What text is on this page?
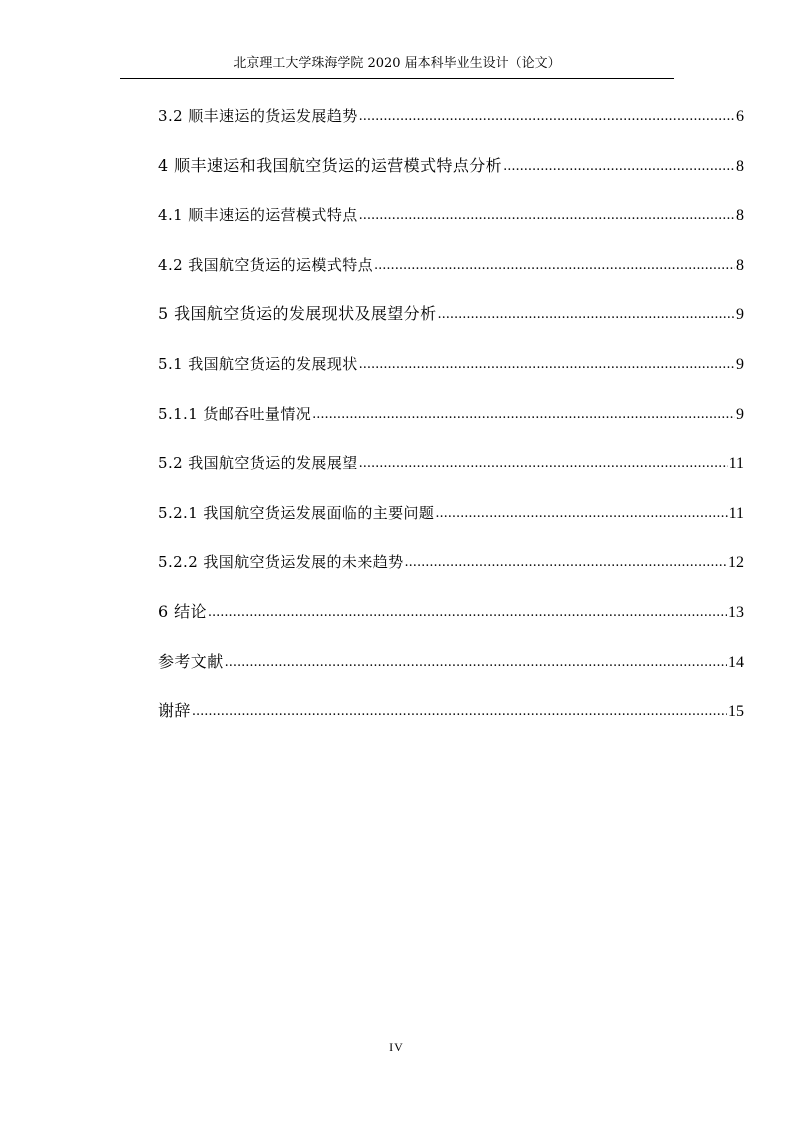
北京理工大学珠海学院 2020 届本科毕业生设计（论文）
3.2 顺丰速运的货运发展趋势 .....	6
4 顺丰速运和我国航空货运的运营模式特点分析 .....	8
4.1 顺丰速运的运营模式特点 .....	8
4.2 我国航空货运的运模式特点 .....	8
5 我国航空货运的发展现状及展望分析 .....	9
5.1 我国航空货运的发展现状 .....	9
5.1.1 货邮吞吐量情况 .....	9
5.2 我国航空货运的发展展望 .....	11
5.2.1 我国航空货运发展面临的主要问题 .....	11
5.2.2 我国航空货运发展的未来趋势 .....	12
6 结论 .....	13
参考文献 .....	14
谢辞 .....	15
IV
